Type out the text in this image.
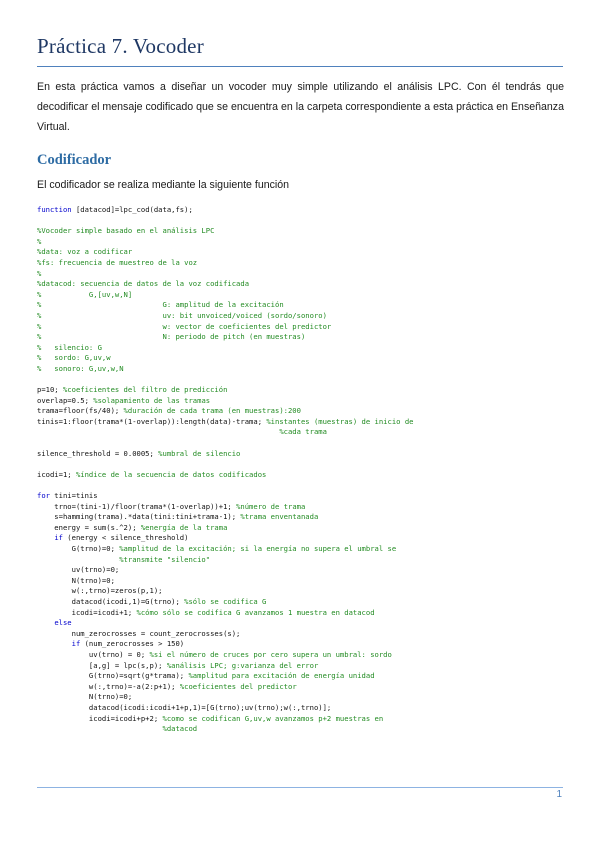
Práctica 7. Vocoder
En esta práctica vamos a diseñar un vocoder muy simple utilizando el análisis LPC. Con él tendrás que decodificar el mensaje codificado que se encuentra en la carpeta correspondiente a esta práctica en Enseñanza Virtual.
Codificador
El codificador se realiza mediante la siguiente función
function [datacod]=lpc_cod(data,fs);
%Vocoder simple basado en el análisis LPC
%
%data: voz a codificar
%fs: frecuencia de muestreo de la voz
%
%datacod: secuencia de datos de la voz codificada
%           G,[uv,w,N]
%                            G: amplitud de la excitación
%                            uv: bit unvoiced/voiced (sordo/sonoro)
%                            w: vector de coeficientes del predictor
%                            N: periodo de pitch (en muestras)
%   silencio: G
%   sordo: G,uv,w
%   sonoro: G,uv,w,N
p=10; %coeficientes del filtro de predicción
overlap=0.5; %solapamiento de las tramas
trama=floor(fs/40); %duración de cada trama (en muestras):200
tinis=1:floor(trama*(1-overlap)):length(data)-trama; %instantes (muestras) de inicio de
%cada trama
silence_threshold = 0.0005; %umbral de silencio
icodi=1; %índice de la secuencia de datos codificados
for tini=tinis
trno=(tini-1)/floor(trama*(1-overlap))+1; %número de trama
s=hamming(trama).*data(tini:tini+trama-1); %trama enventanada
energy = sum(s.^2); %energía de la trama
if (energy < silence_threshold)
G(trno)=0; %amplitud de la excitación; si la energía no supera el umbral se
%transmite "silencio"
uv(trno)=0;
N(trno)=0;
w(:,trno)=zeros(p,1);
datacod(icodi,1)=G(trno); %sólo se codifica G
icodi=icodi+1; %cómo sólo se codifica G avanzamos 1 muestra en datacod
else
num_zerocrosses = count_zerocrosses(s);
if (num_zerocrosses > 150)
uv(trno) = 0; %si el número de cruces por cero supera un umbral: sordo
[a,g] = lpc(s,p); %análisis LPC; g:varianza del error
G(trno)=sqrt(g*trama); %amplitud para excitación de energía unidad
w(:,trno)=-a(2:p+1); %coeficientes del predictor
N(trno)=0;
datacod(icodi:icodi+1+p,1)=[G(trno);uv(trno);w(:,trno)];
icodi=icodi+p+2; %como se codifican G,uv,w avanzamos p+2 muestras en
%datacod
1
